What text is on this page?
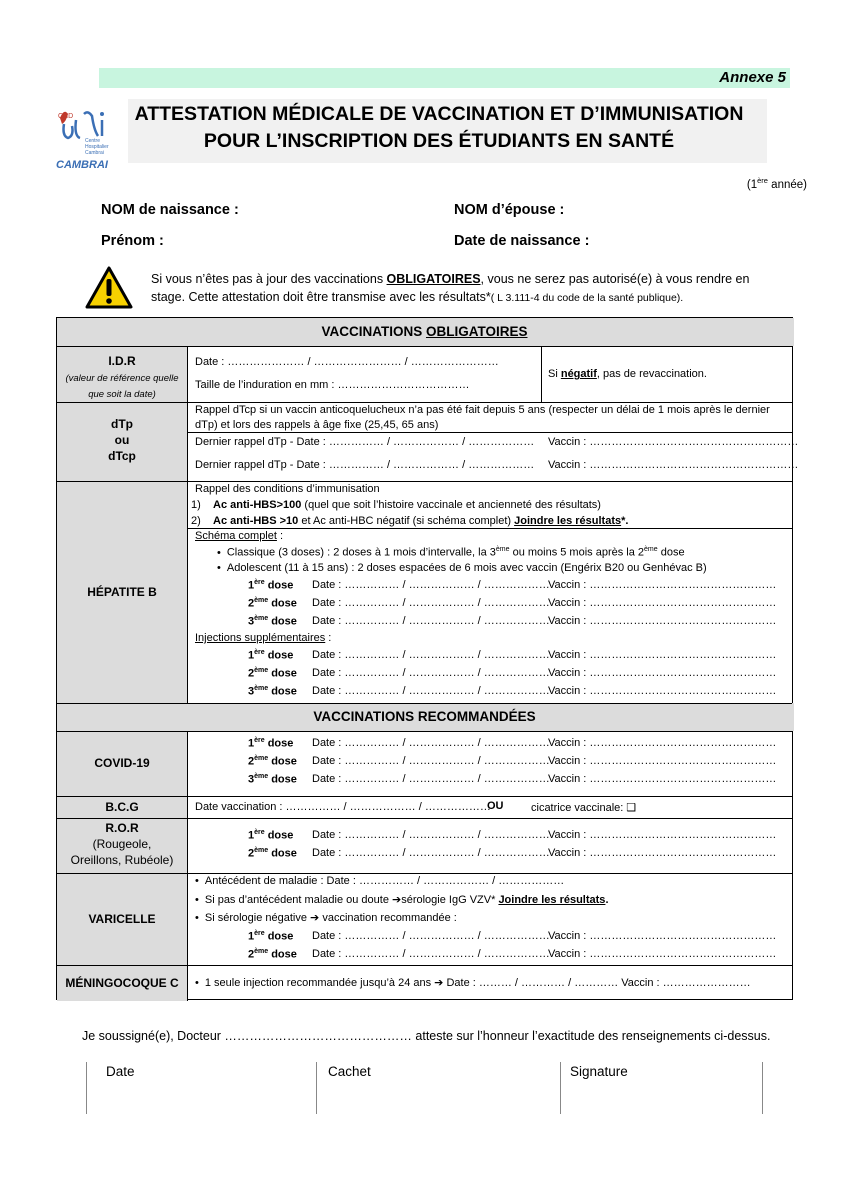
Annexe 5
CHD
Centre
Hospitalier
Cambrai
CAMBRAI
ATTESTATION MÉDICALE DE VACCINATION ET D’IMMUNISATION
POUR L’INSCRIPTION DES ÉTUDIANTS EN SANTÉ
(1ère année)
NOM de naissance :	NOM d’épouse :
Prénom :	Date de naissance :
Si vous n’êtes pas à jour des vaccinations OBLIGATOIRES, vous ne serez pas autorisé(e) à vous rendre en stage. Cette attestation doit être transmise avec les résultats*( L 3.111-4 du code de la santé publique).
VACCINATIONS OBLIGATOIRES
VACCINATIONS RECOMMANDÉES
I.D.R
(valeur de référence quelle que soit la date)
Date : ………………… / …………………… / ……………………
Taille de l’induration en mm : ………………………………
Si négatif, pas de revaccination.
dTp
ou
dTcp
Rappel dTcp si un vaccin anticoquelucheux n’a pas été fait depuis 5 ans (respecter un délai de 1 mois après le dernier dTp) et lors des rappels à âge fixe (25,45, 65 ans)
Dernier rappel dTp - Date : …………… / ……………… / ……………… Vaccin : …………………………………………………
Dernier rappel dTp - Date : …………… / ……………… / ……………… Vaccin : …………………………………………………
HÉPATITE B
Rappel des conditions d’immunisation
1)    Ac anti-HBS>100 (quel que soit l’histoire vaccinale et ancienneté des résultats)
2)    Ac anti-HBS >10 et Ac anti-HBC négatif (si schéma complet) Joindre les résultats*.
Schéma complet :
• Classique (3 doses) : 2 doses à 1 mois d’intervalle, la 3ème ou moins 5 mois après la 2ème dose
• Adolescent (11 à 15 ans) : 2 doses espacées de 6 mois avec vaccin (Engérix B20 ou Genhévac B)
1ère dose Date : …………… / ……………… / ………………
Vaccin : ……………………………………………
2ème dose Date : …………… / ……………… / ………………
Vaccin : ……………………………………………
3ème dose Date : …………… / ……………… / ………………
Vaccin : ……………………………………………
Injections supplémentaires :
1ère dose Date : …………… / ……………… / ………………
Vaccin : ……………………………………………
2ème dose Date : …………… / ……………… / ………………
Vaccin : ……………………………………………
3ème dose Date : …………… / ……………… / ………………
Vaccin : ……………………………………………
COVID-19
1ère dose Date : …………… / ……………… / ………………
Vaccin : ……………………………………………
2ème dose Date : …………… / ……………… / ………………
Vaccin : ……………………………………………
3ème dose Date : …………… / ……………… / ………………
Vaccin : ……………………………………………
B.C.G	Date vaccination : …………… / ……………… / ………………
OU	cicatrice vaccinale: ❑
R.O.R
(Rougeole,
Oreillons, Rubéole)
1ère dose Date : …………… / ……………… / ………………
Vaccin : ……………………………………………
2ème dose Date : …………… / ……………… / ………………
Vaccin : ……………………………………………
VARICELLE
• Antécédent de maladie : Date : …………… / ……………… / ………………
• Si pas d’antécédent maladie ou doute ➔sérologie IgG VZV* Joindre les résultats.
• Si sérologie négative ➔ vaccination recommandée :
1ère dose Date : …………… / ……………… / ………………
Vaccin : ……………………………………………
2ème dose Date : …………… / ……………… / ………………
Vaccin : ……………………………………………
MÉNINGOCOQUE C
•	1 seule injection recommandée jusqu’à 24 ans ➔ Date : ……… / ………… / ………… Vaccin : ……………………
Je soussigné(e), Docteur ……………………………………… atteste sur l’honneur l’exactitude des renseignements ci-dessus.
Date	Cachet	Signature
